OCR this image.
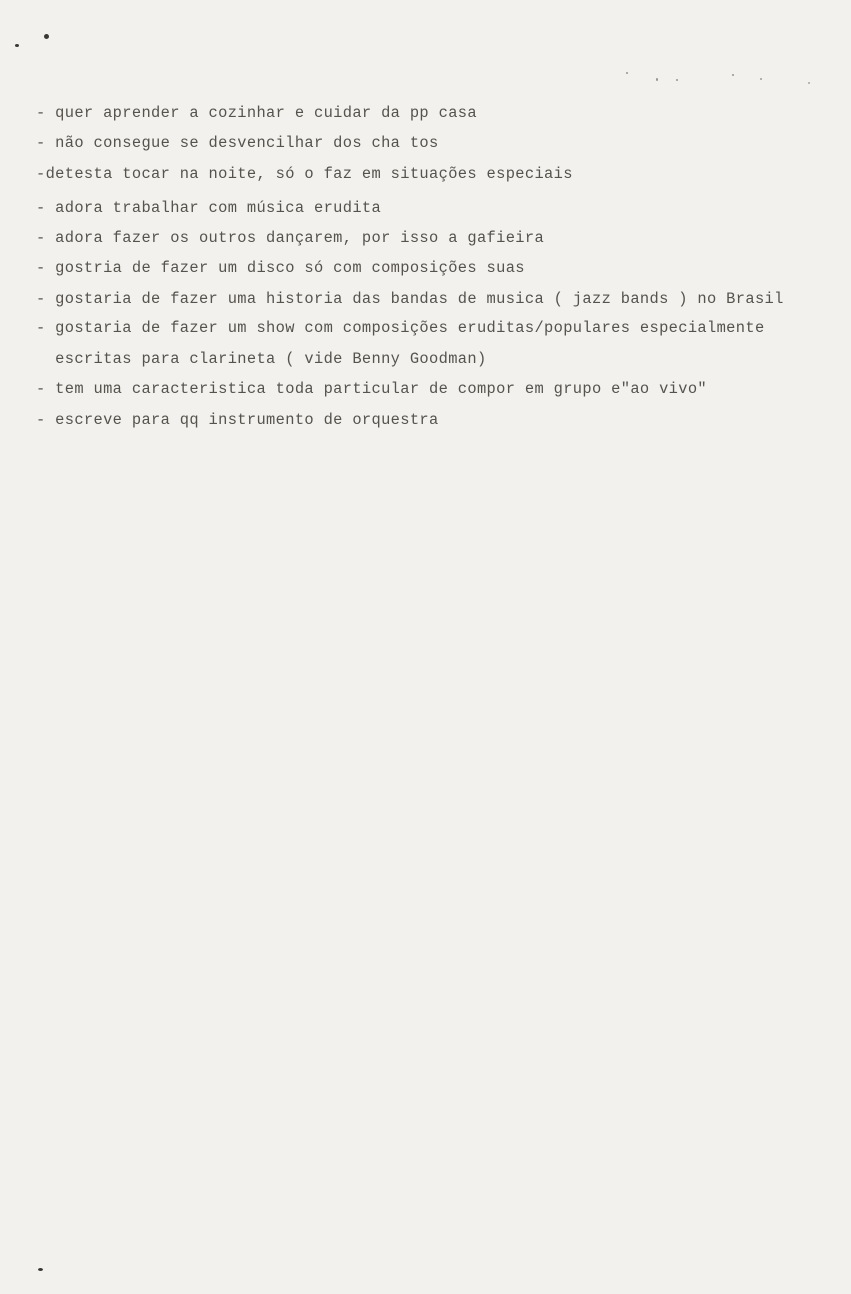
- quer aprender a cozinhar e cuidar da pp casa
- não consegue se desvencilhar dos cha tos
-detesta tocar na noite, só o faz em situações especiais
- adora trabalhar com música erudita
- adora fazer os outros dançarem, por isso a gafieira
- gostria de fazer um disco só com composições suas
- gostaria de fazer uma historia das bandas de musica ( jazz bands ) no Brasil
- gostaria de fazer um show com composições eruditas/populares especialmente
escritas para clarineta ( vide Benny Goodman)
- tem uma caracteristica toda particular de compor em grupo e"ao vivo"
- escreve para qq instrumento de orquestra
